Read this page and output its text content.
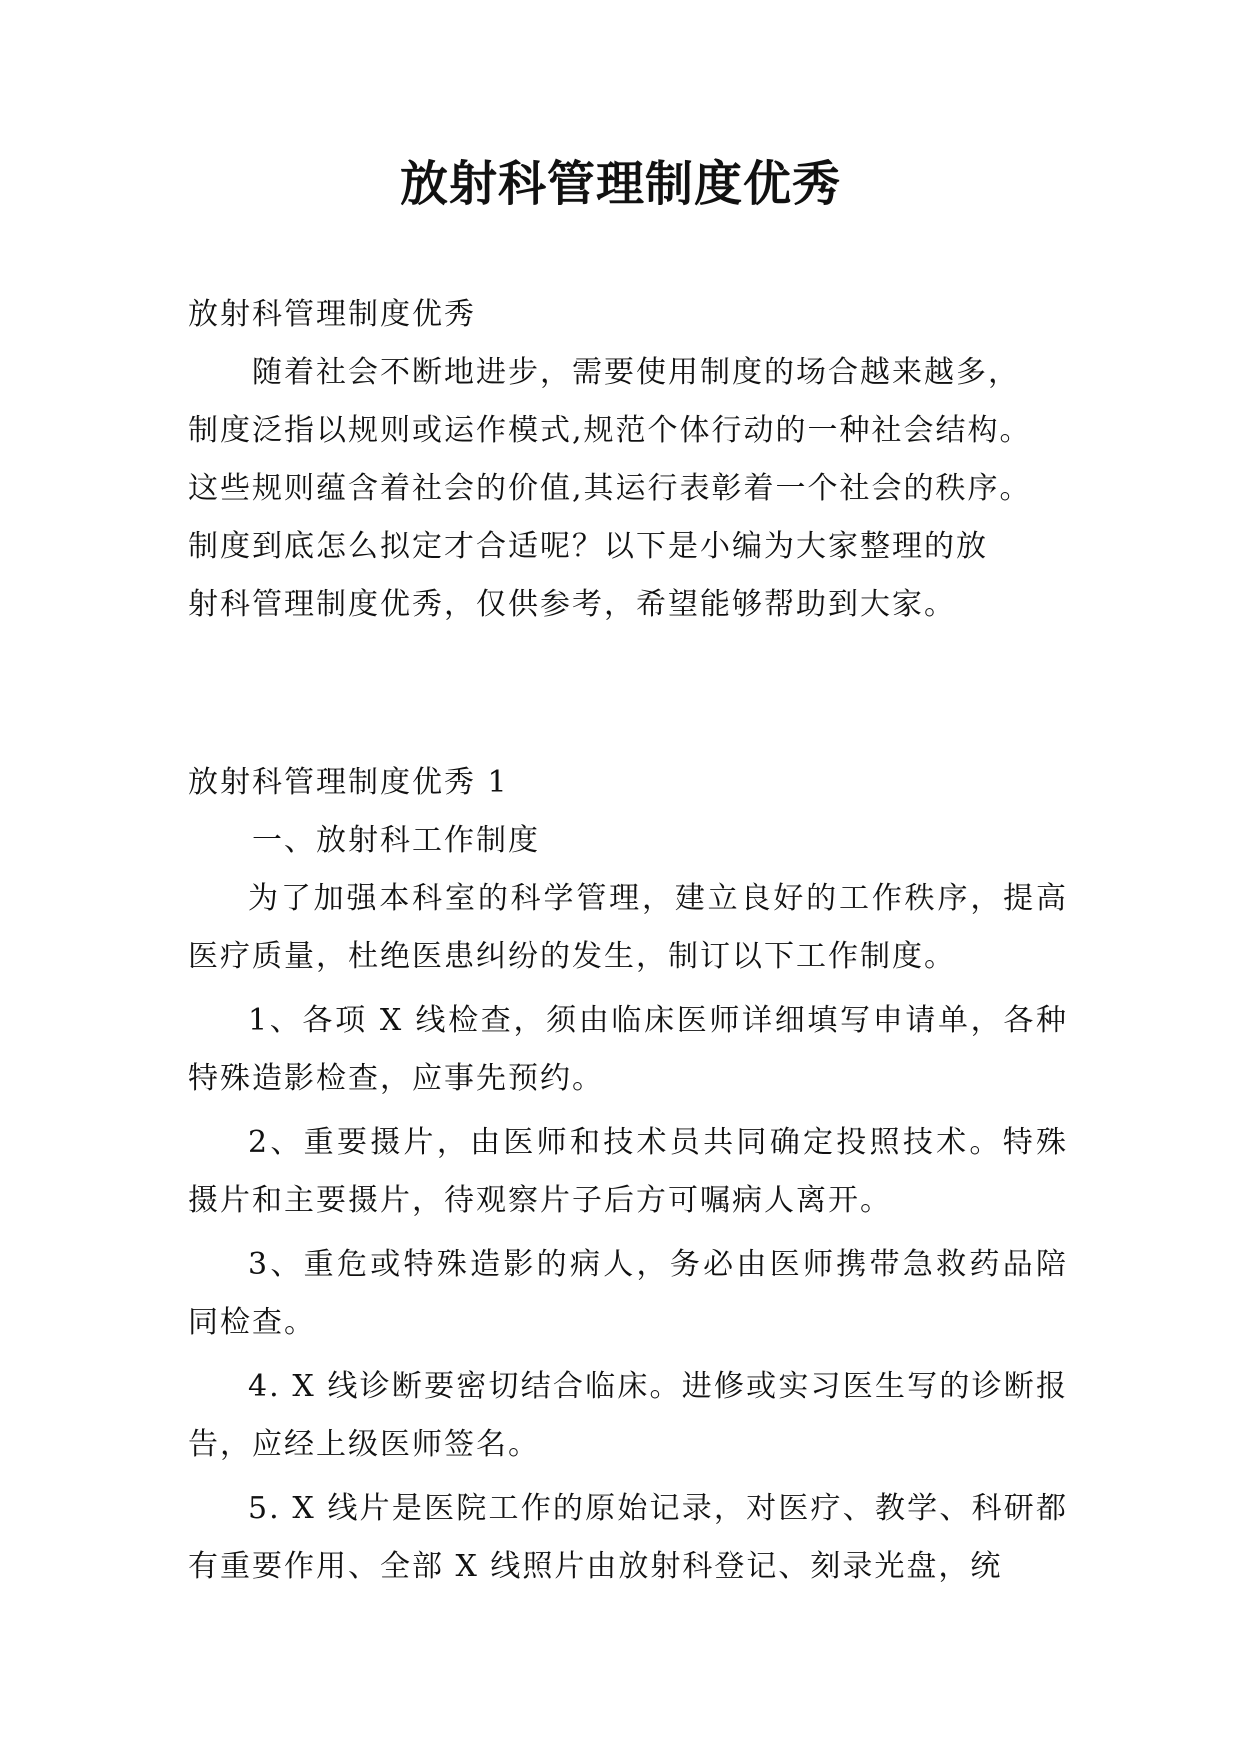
放射科管理制度优秀

放射科管理制度优秀

随着社会不断地进步，需要使用制度的场合越来越多，

制度泛指以规则或运作模式,规范个体行动的一种社会结构。

这些规则蕴含着社会的价值,其运行表彰着一个社会的秩序。

制度到底怎么拟定才合适呢？以下是小编为大家整理的放

射科管理制度优秀，仅供参考，希望能够帮助到大家。

放射科管理制度优秀 1

一、放射科工作制度

为了加强本科室的科学管理，建立良好的工作秩序，提高医疗质量，杜绝医患纠纷的发生，制订以下工作制度。

1、各项 X 线检查，须由临床医师详细填写申请单，各种特殊造影检查，应事先预约。

2、重要摄片，由医师和技术员共同确定投照技术。特殊摄片和主要摄片，待观察片子后方可嘱病人离开。

3、重危或特殊造影的病人，务必由医师携带急救药品陪同检查。

4. X 线诊断要密切结合临床。进修或实习医生写的诊断报告，应经上级医师签名。

5. X 线片是医院工作的原始记录，对医疗、教学、科研都有重要作用、全部 X 线照片由放射科登记、刻录光盘，统
